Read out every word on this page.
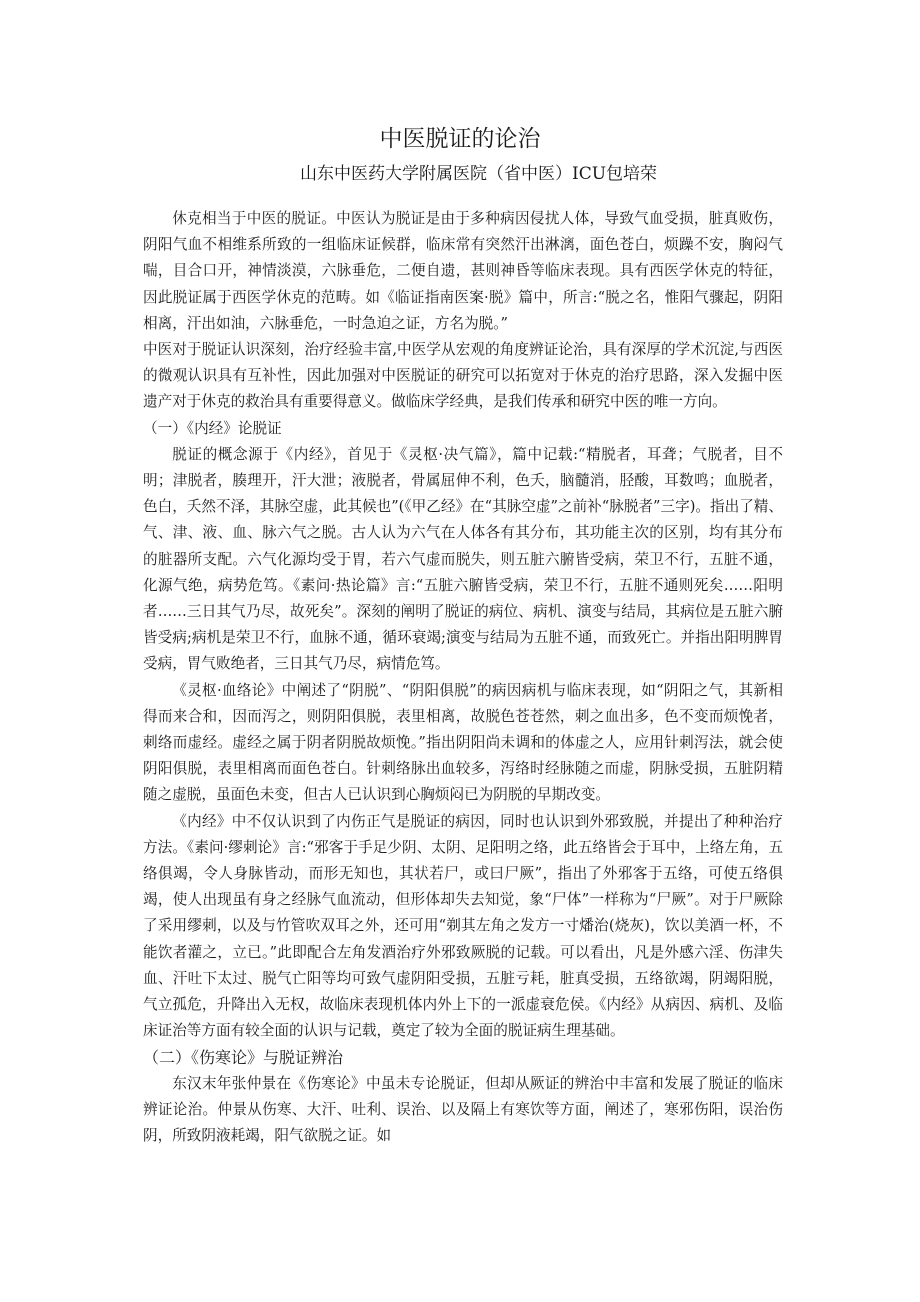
中医脱证的论治
山东中医药大学附属医院（省中医）ICU包培荣

休克相当于中医的脱证。中医认为脱证是由于多种病因侵扰人体，导致气血受损，脏真败伤，阴阳气血不相维系所致的一组临床证候群，临床常有突然汗出淋漓，面色苍白，烦躁不安，胸闷气喘，目合口开，神情淡漠，六脉垂危，二便自遗，甚则神昏等临床表现。具有西医学休克的特征，因此脱证属于西医学休克的范畴。如《临证指南医案·脱》篇中，所言:“脱之名，惟阳气骤起，阴阳相离，汗出如油，六脉垂危，一时急迫之证，方名为脱。”

中医对于脱证认识深刻，治疗经验丰富,中医学从宏观的角度辨证论治，具有深厚的学术沉淀,与西医的微观认识具有互补性，因此加强对中医脱证的研究可以拓宽对于休克的治疗思路，深入发掘中医遗产对于休克的救治具有重要得意义。做临床学经典，是我们传承和研究中医的唯一方向。

（一）《内经》论脱证

脱证的概念源于《内经》，首见于《灵枢·决气篇》，篇中记载:“精脱者，耳聋；气脱者，目不明；津脱者，腠理开，汗大泄；液脱者，骨属屈伸不利，色夭，脑髓消，胫酸，耳数鸣；血脱者，色白，夭然不泽，其脉空虚，此其候也”(《甲乙经》在“其脉空虚”之前补“脉脱者”三字)。指出了精、气、津、液、血、脉六气之脱。古人认为六气在人体各有其分布，其功能主次的区别，均有其分布的脏器所支配。六气化源均受于胃，若六气虚而脱失，则五脏六腑皆受病，荣卫不行，五脏不通，化源气绝，病势危笃。《素问·热论篇》言:“五脏六腑皆受病，荣卫不行，五脏不通则死矣……阳明者……三日其气乃尽，故死矣”。深刻的阐明了脱证的病位、病机、演变与结局，其病位是五脏六腑皆受病;病机是荣卫不行，血脉不通，循环衰竭;演变与结局为五脏不通，而致死亡。并指出阳明脾胃受病，胃气败绝者，三日其气乃尽，病情危笃。

《灵枢·血络论》中阐述了“阴脱”、“阴阳俱脱”的病因病机与临床表现，如“阴阳之气，其新相得而来合和，因而泻之，则阴阳俱脱，表里相离，故脱色苍苍然，刺之血出多，色不变而烦悗者，刺络而虚经。虚经之属于阴者阴脱故烦悗。”指出阴阳尚未调和的体虚之人，应用针刺泻法，就会使阴阳俱脱，表里相离而面色苍白。针刺络脉出血较多，泻络时经脉随之而虚，阴脉受损，五脏阴精随之虚脱，虽面色未变，但古人已认识到心胸烦闷已为阴脱的早期改变。

《内经》中不仅认识到了内伤正气是脱证的病因，同时也认识到外邪致脱，并提出了种种治疗方法。《素问·缪刺论》言:“邪客于手足少阴、太阴、足阳明之络，此五络皆会于耳中，上络左角，五络俱竭，令人身脉皆动，而形无知也，其状若尸，或曰尸厥”，指出了外邪客于五络，可使五络俱竭，使人出现虽有身之经脉气血流动，但形体却失去知觉，象“尸体”一样称为“尸厥”。对于尸厥除了采用缪刺，以及与竹管吹双耳之外，还可用“剃其左角之发方一寸燔治(烧灰)，饮以美酒一杯，不能饮者灌之，立已。”此即配合左角发酒治疗外邪致厥脱的记载。可以看出，凡是外感六淫、伤津失血、汗吐下太过、脱气亡阳等均可致气虚阴阳受损，五脏亏耗，脏真受损，五络欲竭，阴竭阳脱，气立孤危，升降出入无权，故临床表现机体内外上下的一派虚衰危侯。《内经》从病因、病机、及临床证治等方面有较全面的认识与记载，奠定了较为全面的脱证病生理基础。

（二）《伤寒论》与脱证辨治

东汉末年张仲景在《伤寒论》中虽未专论脱证，但却从厥证的辨治中丰富和发展了脱证的临床辨证论治。仲景从伤寒、大汗、吐利、误治、以及隔上有寒饮等方面，阐述了，寒邪伤阳，误治伤阴，所致阴液耗竭，阳气欲脱之证。如
